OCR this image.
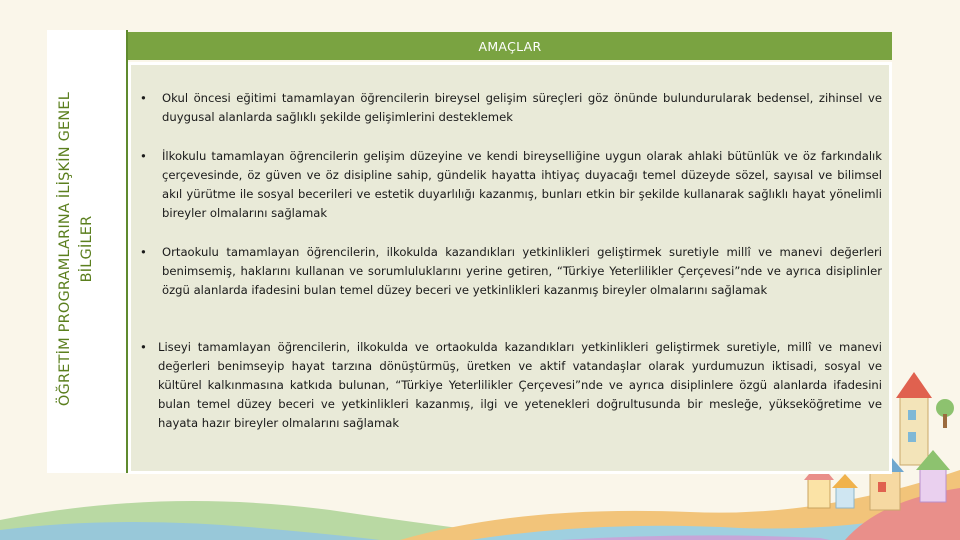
ÖĞRETİM PROGRAMLARINA İLİŞKİN GENEL BİLGİLER
AMAÇLAR
•	Okul öncesi eğitimi tamamlayan öğrencilerin bireysel gelişim süreçleri göz önünde bulundurularak bedensel, zihinsel ve duygusal alanlarda sağlıklı şekilde gelişimlerini desteklemek
•	İlkokulu tamamlayan öğrencilerin gelişim düzeyine ve kendi bireyselliğine uygun olarak ahlaki bütünlük ve öz farkındalık çerçevesinde, öz güven ve öz disipline sahip, gündelik hayatta ihtiyaç duyacağı temel düzeyde sözel, sayısal ve bilimsel akıl yürütme ile sosyal becerileri ve estetik duyarlılığı kazanmış, bunları etkin bir şekilde kullanarak sağlıklı hayat yönelimli bireyler olmalarını sağlamak
•	Ortaokulu tamamlayan öğrencilerin, ilkokulda kazandıkları yetkinlikleri geliştirmek suretiyle millî ve manevi değerleri benimsemiş, haklarını kullanan ve sorumluluklarını yerine getiren, “Türkiye Yeterlilikler Çerçevesi”nde ve ayrıca disiplinler özgü alanlarda ifadesini bulan temel düzey beceri ve yetkinlikleri kazanmış bireyler olmalarını sağlamak
• Liseyi tamamlayan öğrencilerin, ilkokulda ve ortaokulda kazandıkları yetkinlikleri geliştirmek suretiyle, millî ve manevi değerleri benimseyip hayat tarzına dönüştürmüş, üretken ve aktif vatandaşlar olarak yurdumuzun iktisadi, sosyal ve kültürel kalkınmasına katkıda bulunan, “Türkiye Yeterlilikler Çerçevesi”nde ve ayrıca disiplinlere özgü alanlarda ifadesini bulan temel düzey beceri ve yetkinlikleri kazanmış, ilgi ve yetenekleri doğrultusunda bir mesleğe, yükseköğretime ve hayata hazır bireyler olmalarını sağlamak
